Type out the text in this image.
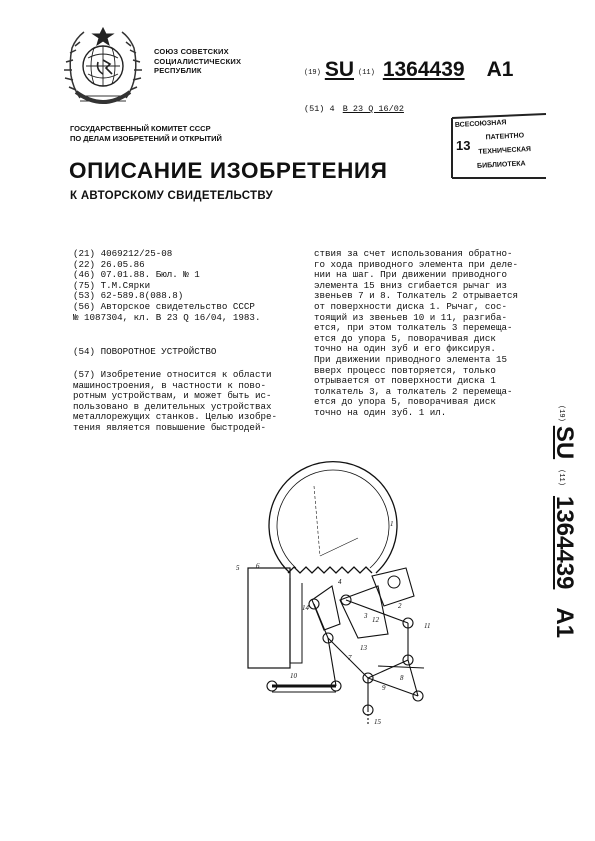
СОЮЗ СОВЕТСКИХ
СОЦИАЛИСТИЧЕСКИХ
РЕСПУБЛИК	(19) SU (11) 1364439 A1
(51) 4 B 23 Q 16/02
ВСЕСОЮЗНАЯ
ПАТЕНТНО
ТЕХНИЧЕСКАЯ
БИБЛИОТЕКА
13
ГОСУДАРСТВЕННЫЙ КОМИТЕТ СССР
ПО ДЕЛАМ ИЗОБРЕТЕНИЙ И ОТКРЫТИЙ
ОПИСАНИЕ ИЗОБРЕТЕНИЯ
К АВТОРСКОМУ СВИДЕТЕЛЬСТВУ
(21) 4069212/25-08
(22) 26.05.86
(46) 07.01.88. Бюл. № 1
(75) Т.М.Сярки
(53) 62-589.8(088.8)
(56) Авторское свидетельство СССР
№ 1087304, кл. В 23 Q 16/04, 1983.
(54) ПОВОРОТНОЕ УСТРОЙСТВО
(57) Изобретение относится к области
машиностроения, в частности к пово-
ротным устройствам, и может быть ис-
пользовано в делительных устройствах
металлорежущих станков. Целью изобре-
тения является повышение быстродей-
ствия за счет использования обратно-
го хода приводного элемента при деле-
нии на шаг. При движении приводного
элемента 15 вниз сгибается рычаг из
звеньев 7 и 8. Толкатель 2 отрывается
от поверхности диска 1. Рычаг, сос-
тоящий из звеньев 10 и 11, разгиба-
ется, при этом толкатель 3 перемеща-
ется до упора 5, поворачивая диск
точно на один зуб и его фиксируя.
При движении приводного элемента 15
вверх процесс повторяется, только
отрывается от поверхности диска 1
толкатель 3, а толкатель 2 перемеща-
ется до упора 5, поворачивая диск
точно на один зуб. 1 ил.	(19) SU (11) 1364439 A1
1
2
3
4
5 6
7
8
9
10
11
12
13
14
15
